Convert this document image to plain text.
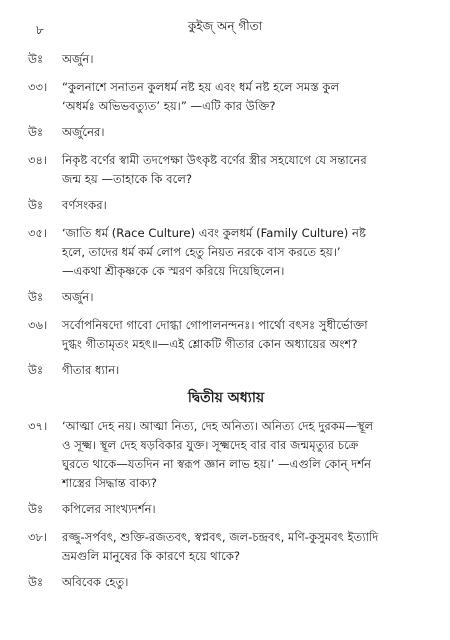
৮	কুইজ্ অন্ গীতা
উঃ	অর্জুন।
৩৩।	“কুলনাশে সনাতন কুলধর্ম নষ্ট হয় এবং ধর্ম নষ্ট হলে সমস্ত কুল
‘অধর্মঃ অভিভবত্যুত’ হয়।” —এটি কার উক্তি?
উঃ	অর্জুনের।
৩৪।	নিকৃষ্ট বর্ণের স্বামী তদপেক্ষা উৎকৃষ্ট বর্ণের স্ত্রীর সহযোগে যে সন্তানের
জন্ম হয় —তাহাকে কি বলে?
উঃ	বর্ণসংকর।
৩৫।	‘জাতি ধর্ম (Race Culture) এবং কুলধর্ম (Family Culture) নষ্ট
হলে, তাদের ধর্ম কর্ম লোপ হেতু নিয়ত নরকে বাস করতে হয়।’
—একথা শ্রীকৃষ্ণকে কে স্মরণ করিয়ে দিয়েছিলেন।
উঃ	অর্জুন।
৩৬।	সর্বোপনিষদো গাবো দোগ্ধা গোপালনন্দনঃ। পার্থো বৎসঃ সুধীর্ভোক্তা
দুগ্ধং গীতামৃতং মহৎ॥—এই শ্লোকটি গীতার কোন অধ্যায়ের অংশ?
উঃ	গীতার ধ্যান।
দ্বিতীয় অধ্যায়
৩৭।	‘আত্মা দেহ নয়। আত্মা নিত্য, দেহ অনিত্য। অনিত্য দেহ দুরকম—স্থূল
ও সূক্ষ্ম। স্থূল দেহ ষড়বিকার যুক্ত। সূক্ষ্মদেহ বার বার জন্মমৃত্যুর চক্রে
ঘুরতে থাকে—যতদিন না স্বরূপ জ্ঞান লাভ হয়।’ —এগুলি কোন্ দর্শন
শাস্ত্রের সিদ্ধান্ত বাক্য?
উঃ	কপিলের সাংখ্যদর্শন।
৩৮।	রজ্জু-সর্পবৎ, শুক্তি-রজতবৎ, স্বপ্নবৎ, জল-চন্দ্রবৎ, মণি-কুসুমবৎ ইত্যাদি
ভ্রমগুলি মানুষের কি কারণে হয়ে থাকে?
উঃ	অবিবেক হেতু।
